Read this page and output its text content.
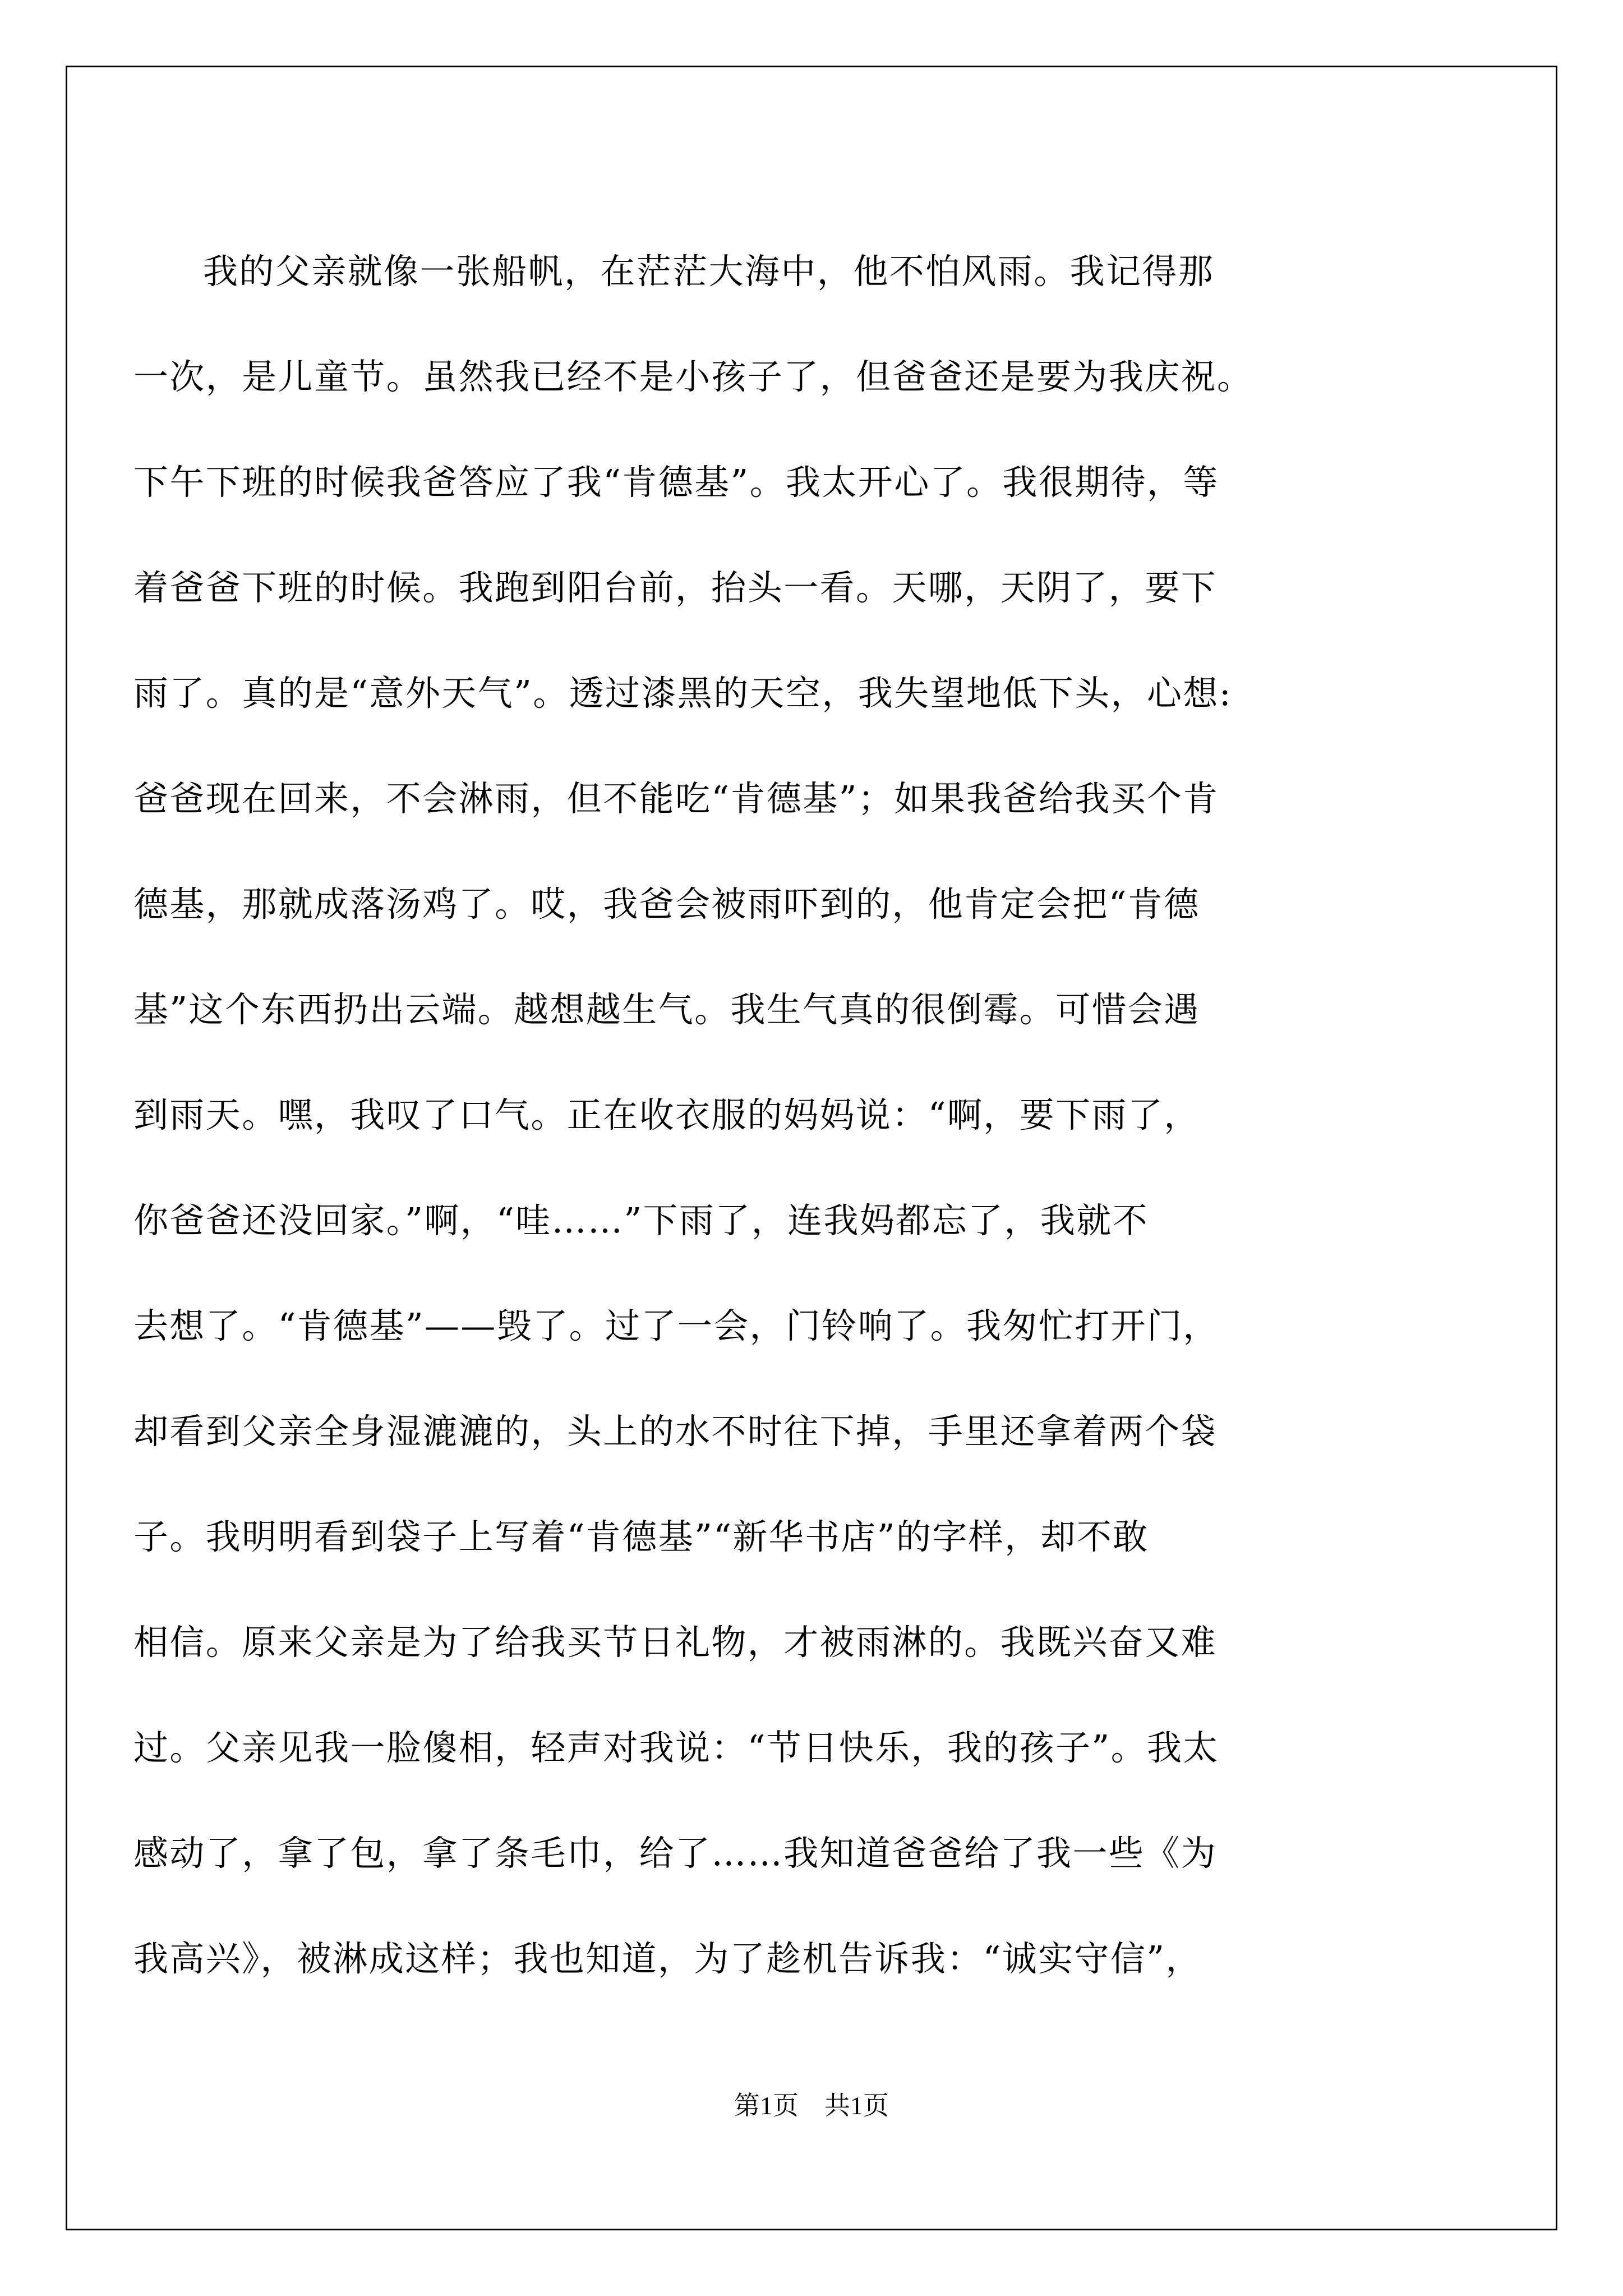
我的父亲就像一张船帆，在茫茫大海中，他不怕风雨。我记得那
一次，是儿童节。虽然我已经不是小孩子了，但爸爸还是要为我庆祝。
下午下班的时候我爸答应了我“肯德基”。我太开心了。我很期待，等
着爸爸下班的时候。我跑到阳台前，抬头一看。天哪，天阴了，要下
雨了。真的是“意外天气”。透过漆黑的天空，我失望地低下头，心想:
爸爸现在回来，不会淋雨，但不能吃“肯德基”；如果我爸给我买个肯
德基，那就成落汤鸡了。哎，我爸会被雨吓到的，他肯定会把“肯德
基”这个东西扔出云端。越想越生气。我生气真的很倒霉。可惜会遇
到雨天。嘿，我叹了口气。正在收衣服的妈妈说：“啊，要下雨了，
你爸爸还没回家。”啊，“哇……”下雨了，连我妈都忘了，我就不
去想了。“肯德基”——毁了。过了一会，门铃响了。我匆忙打开门，
却看到父亲全身湿漉漉的，头上的水不时往下掉，手里还拿着两个袋
子。我明明看到袋子上写着“肯德基”“新华书店”的字样，却不敢
相信。原来父亲是为了给我买节日礼物，才被雨淋的。我既兴奋又难
过。父亲见我一脸傻相，轻声对我说：“节日快乐，我的孩子”。我太
感动了，拿了包，拿了条毛巾，给了……我知道爸爸给了我一些《为
我高兴》，被淋成这样；我也知道，为了趁机告诉我：“诚实守信”，
第1页　共1页
